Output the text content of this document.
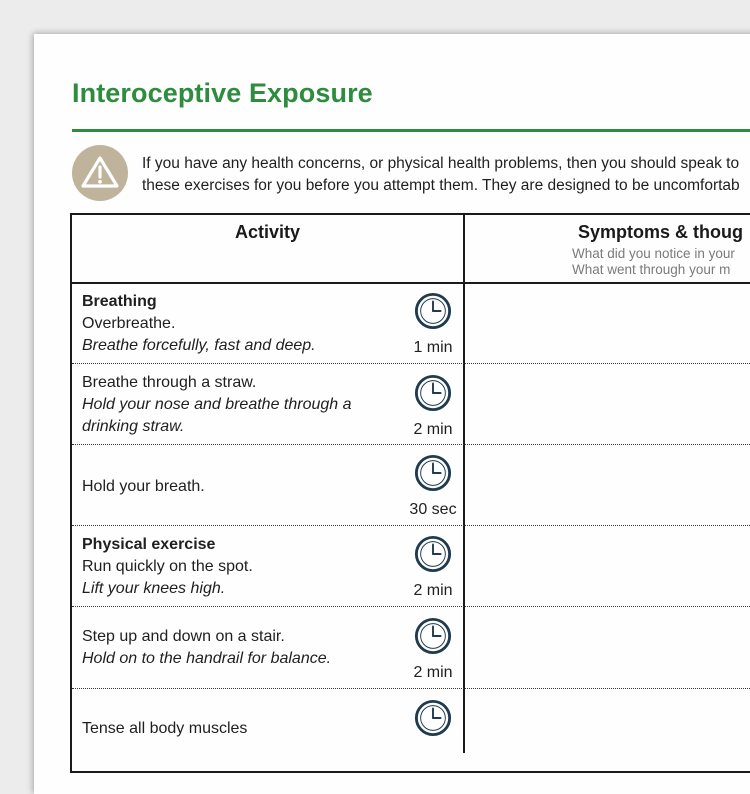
Interoceptive Exposure
If you have any health concerns, or physical health problems, then you should speak to
these exercises for you before you attempt them. They are designed to be uncomfortab
Activity	Symptoms & thoug
What did you notice in your
What went through your m
Breathing
Overbreathe.
Breathe forcefully, fast and deep.	1 min
Breathe through a straw.
Hold your nose and breathe through a
drinking straw.	2 min
Hold your breath.
30 sec
Physical exercise
Run quickly on the spot.
Lift your knees high.	2 min
Step up and down on a stair.
Hold on to the handrail for balance.
2 min
Tense all body muscles
